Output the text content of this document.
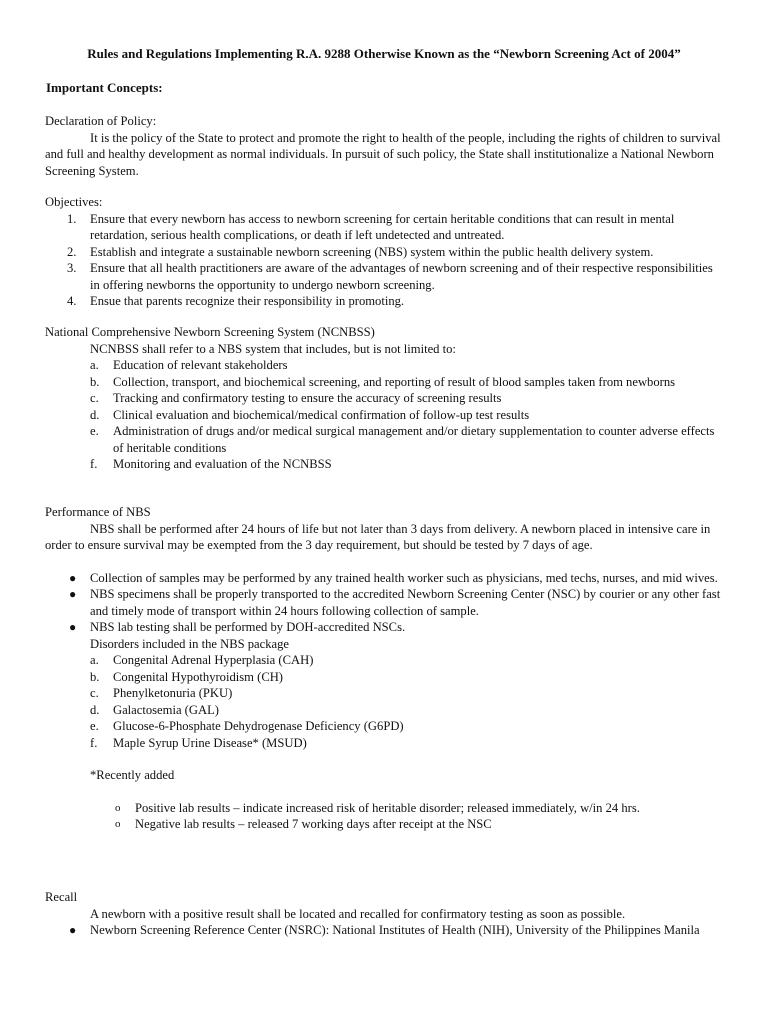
Rules and Regulations Implementing R.A. 9288 Otherwise Known as the “Newborn Screening Act of 2004”
Important Concepts:
Declaration of Policy:
It is the policy of the State to protect and promote the right to health of the people, including the rights of children to survival and full and healthy development as normal individuals. In pursuit of such policy, the State shall institutionalize a National Newborn Screening System.
Objectives:
1. Ensure that every newborn has access to newborn screening for certain heritable conditions that can result in mental retardation, serious health complications, or death if left undetected and untreated.
2. Establish and integrate a sustainable newborn screening (NBS) system within the public health delivery system.
3. Ensure that all health practitioners are aware of the advantages of newborn screening and of their respective responsibilities in offering newborns the opportunity to undergo newborn screening.
4. Ensue that parents recognize their responsibility in promoting.
National Comprehensive Newborn Screening System (NCNBSS)
NCNBSS shall refer to a NBS system that includes, but is not limited to:
a. Education of relevant stakeholders
b. Collection, transport, and biochemical screening, and reporting of result of blood samples taken from newborns
c. Tracking and confirmatory testing to ensure the accuracy of screening results
d. Clinical evaluation and biochemical/medical confirmation of follow-up test results
e. Administration of drugs and/or medical surgical management and/or dietary supplementation to counter adverse effects of heritable conditions
f. Monitoring and evaluation of the NCNBSS
Performance of NBS
NBS shall be performed after 24 hours of life but not later than 3 days from delivery. A newborn placed in intensive care in order to ensure survival may be exempted from the 3 day requirement, but should be tested by 7 days of age.
● Collection of samples may be performed by any trained health worker such as physicians, med techs, nurses, and mid wives.
● NBS specimens shall be properly transported to the accredited Newborn Screening Center (NSC) by courier or any other fast and timely mode of transport within 24 hours following collection of sample.
● NBS lab testing shall be performed by DOH-accredited NSCs.
Disorders included in the NBS package
a. Congenital Adrenal Hyperplasia (CAH)
b. Congenital Hypothyroidism (CH)
c. Phenylketonuria (PKU)
d. Galactosemia (GAL)
e. Glucose-6-Phosphate Dehydrogenase Deficiency (G6PD)
f. Maple Syrup Urine Disease* (MSUD)
*Recently added
o Positive lab results – indicate increased risk of heritable disorder; released immediately, w/in 24 hrs.
o Negative lab results – released 7 working days after receipt at the NSC
Recall
A newborn with a positive result shall be located and recalled for confirmatory testing as soon as possible.
● Newborn Screening Reference Center (NSRC): National Institutes of Health (NIH), University of the Philippines Manila
